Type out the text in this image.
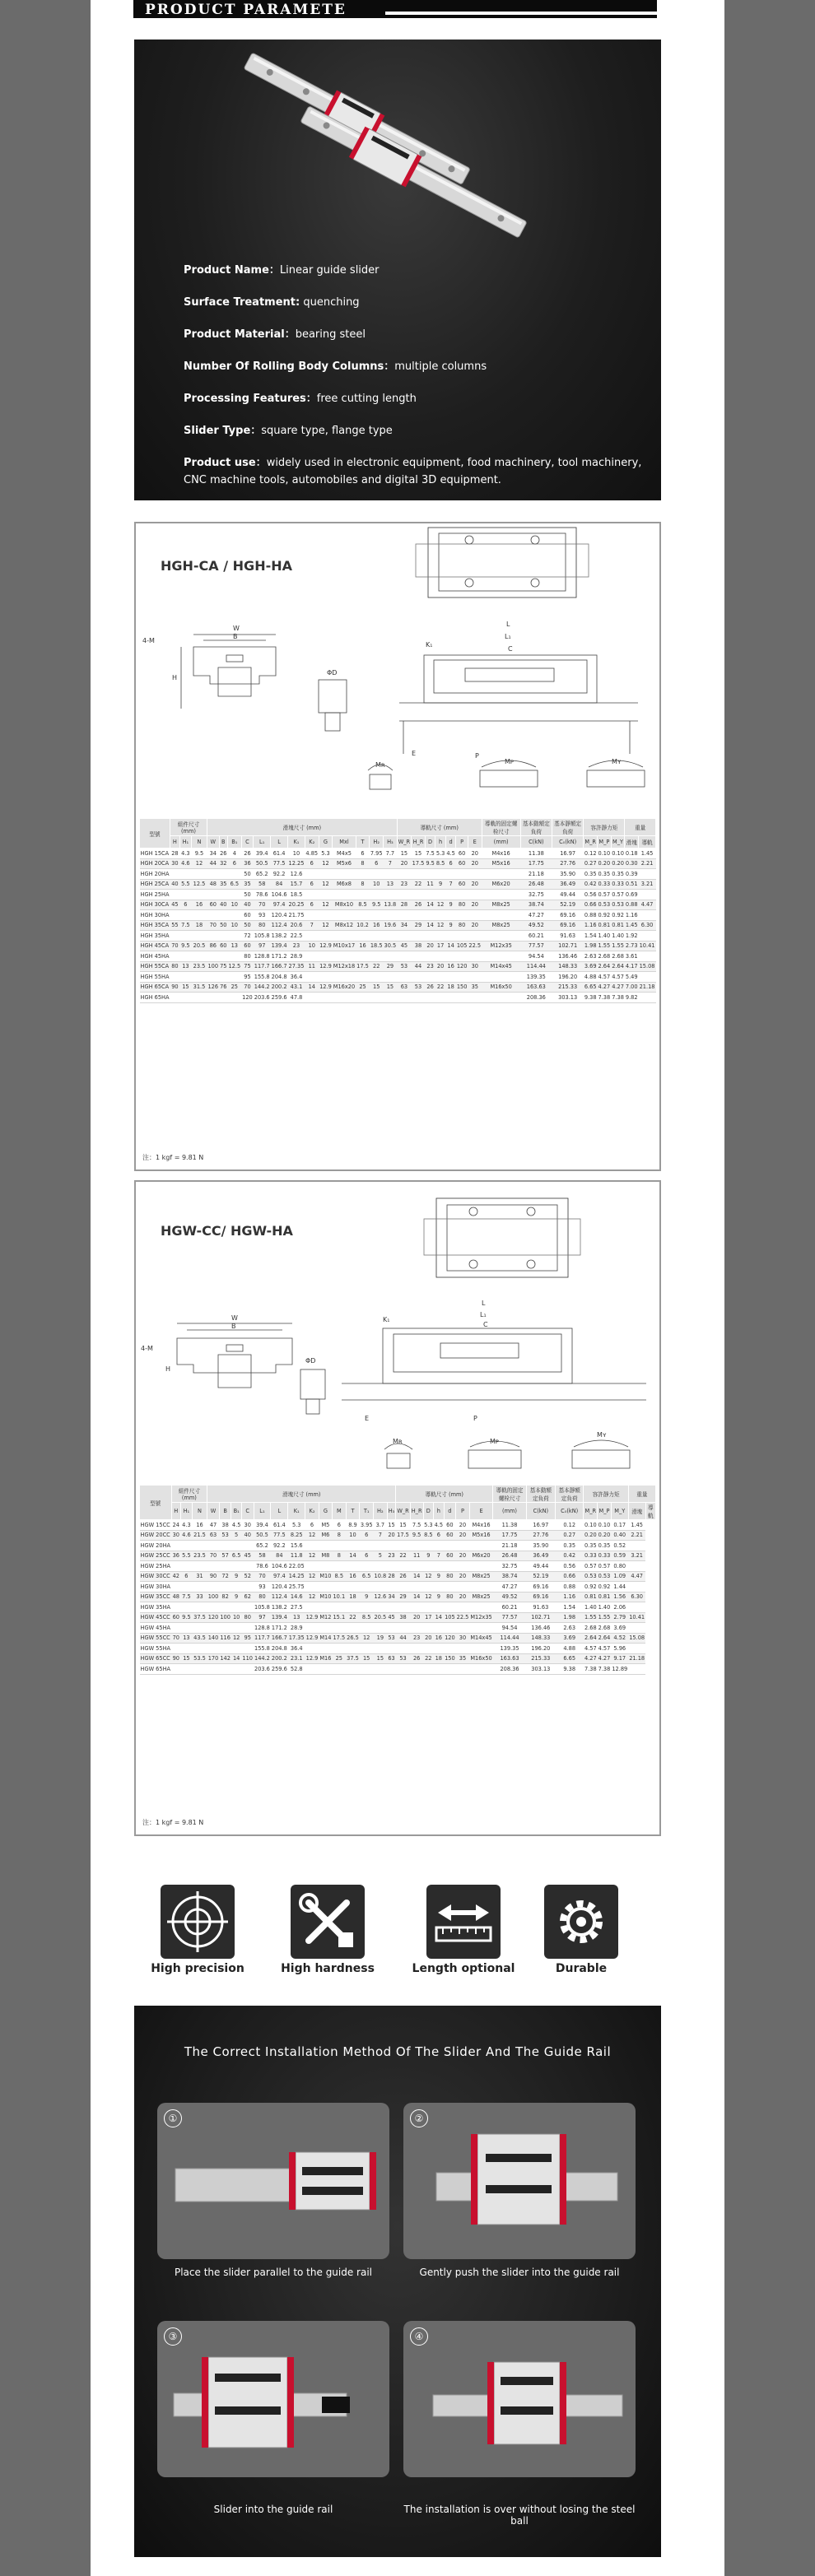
PRODUCT PARAMETE
Product Name：Linear guide slider
Surface Treatment: quenching
Product Material：bearing steel
Number Of Rolling Body Columns：multiple columns
Processing Features：free cutting length
Slider Type：square type, flange type
Product use：widely used in electronic equipment, food machinery, tool machinery, CNC machine tools, automobiles and digital 3D equipment.
HGH-CA / HGH-HA
L
L₁
C
K₁
P
E
W
B
H
4-M
ΦD
Mʀ	Mᴘ	Mʏ
型號	組件尺寸 (mm)			滑塊尺寸 (mm)													導軌尺寸 (mm)							導軌的固定螺栓尺寸	基本動額定負荷	基本靜額定負荷	容許靜力矩			重量	
	H	H₁	N	W	B	B₁	C	L₁	L	K₁	K₂	G	Mxl	T	H₂	H₃	W_R	H_R	D	h	d	P	E	(mm)	C(kN)	C₀(kN)	M_R	M_P	M_Y	滑塊	導軌
HGH 15CA	28	4.3	9.5	34	26	4	26	39.4	61.4	10	4.85	5.3	M4x5	6	7.95	7.7	15	15	7.5	5.3	4.5	60	20	M4x16	11.38	16.97	0.12	0.10	0.10	0.18	1.45
HGH 20CA	30	4.6	12	44	32	6	36	50.5	77.5	12.25	6	12	M5x6	8	6	7	20	17.5	9.5	8.5	6	60	20	M5x16	17.75	27.76	0.27	0.20	0.20	0.30	2.21
HGH 20HA							50	65.2	92.2	12.6															21.18	35.90	0.35	0.35	0.35	0.39	
HGH 25CA	40	5.5	12.5	48	35	6.5	35	58	84	15.7	6	12	M6x8	8	10	13	23	22	11	9	7	60	20	M6x20	26.48	36.49	0.42	0.33	0.33	0.51	3.21
HGH 25HA							50	78.6	104.6	18.5															32.75	49.44	0.56	0.57	0.57	0.69	
HGH 30CA	45	6	16	60	40	10	40	70	97.4	20.25	6	12	M8x10	8.5	9.5	13.8	28	26	14	12	9	80	20	M8x25	38.74	52.19	0.66	0.53	0.53	0.88	4.47
HGH 30HA							60	93	120.4	21.75															47.27	69.16	0.88	0.92	0.92	1.16	
HGH 35CA	55	7.5	18	70	50	10	50	80	112.4	20.6	7	12	M8x12	10.2	16	19.6	34	29	14	12	9	80	20	M8x25	49.52	69.16	1.16	0.81	0.81	1.45	6.30
HGH 35HA							72	105.8	138.2	22.5															60.21	91.63	1.54	1.40	1.40	1.92	
HGH 45CA	70	9.5	20.5	86	60	13	60	97	139.4	23	10	12.9	M10x17	16	18.5	30.5	45	38	20	17	14	105	22.5	M12x35	77.57	102.71	1.98	1.55	1.55	2.73	10.41
HGH 45HA							80	128.8	171.2	28.9															94.54	136.46	2.63	2.68	2.68	3.61	
HGH 55CA	80	13	23.5	100	75	12.5	75	117.7	166.7	27.35	11	12.9	M12x18	17.5	22	29	53	44	23	20	16	120	30	M14x45	114.44	148.33	3.69	2.64	2.64	4.17	15.08
HGH 55HA							95	155.8	204.8	36.4															139.35	196.20	4.88	4.57	4.57	5.49	
HGH 65CA	90	15	31.5	126	76	25	70	144.2	200.2	43.1	14	12.9	M16x20	25	15	15	63	53	26	22	18	150	35	M16x50	163.63	215.33	6.65	4.27	4.27	7.00	21.18
HGH 65HA							120	203.6	259.6	47.8															208.36	303.13	9.38	7.38	7.38	9.82	
注：1 kgf = 9.81 N
HGW-CC/ HGW-HA
L
L₁
C
K₁
P
E
W
B
H
4-M
ΦD
Mʀ	Mᴘ
Mʏ
型號	組件尺寸 (mm)			滑塊尺寸 (mm)														導軌尺寸 (mm)							導軌的固定螺栓尺寸	基本動額定負荷	基本靜額定負荷	容許靜力矩			重量	
	H	H₁	N	W	B	B₁	C	L₁	L	K₁	K₂	G	M	T	T₁	H₂	H₃	W_R	H_R	D	h	d	P	E	(mm)	C(kN)	C₀(kN)	M_R	M_P	M_Y	滑塊	導軌
HGW 15CC	24	4.3	16	47	38	4.5	30	39.4	61.4	5.3	6	M5	6	8.9	3.95	3.7	15	15	7.5	5.3	4.5	60	20	M4x16	11.38	16.97	0.12	0.10	0.10	0.17	1.45	
HGW 20CC	30	4.6	21.5	63	53	5	40	50.5	77.5	8.25	12	M6	8	10	6	7	20	17.5	9.5	8.5	6	60	20	M5x16	17.75	27.76	0.27	0.20	0.20	0.40	2.21	
HGW 20HA								65.2	92.2	15.6															21.18	35.90	0.35	0.35	0.35	0.52		
HGW 25CC	36	5.5	23.5	70	57	6.5	45	58	84	11.8	12	M8	8	14	6	5	23	22	11	9	7	60	20	M6x20	26.48	36.49	0.42	0.33	0.33	0.59	3.21	
HGW 25HA								78.6	104.6	22.05															32.75	49.44	0.56	0.57	0.57	0.80		
HGW 30CC	42	6	31	90	72	9	52	70	97.4	14.25	12	M10	8.5	16	6.5	10.8	28	26	14	12	9	80	20	M8x25	38.74	52.19	0.66	0.53	0.53	1.09	4.47	
HGW 30HA								93	120.4	25.75															47.27	69.16	0.88	0.92	0.92	1.44		
HGW 35CC	48	7.5	33	100	82	9	62	80	112.4	14.6	12	M10	10.1	18	9	12.6	34	29	14	12	9	80	20	M8x25	49.52	69.16	1.16	0.81	0.81	1.56	6.30	
HGW 35HA								105.8	138.2	27.5															60.21	91.63	1.54	1.40	1.40	2.06		
HGW 45CC	60	9.5	37.5	120	100	10	80	97	139.4	13	12.9	M12	15.1	22	8.5	20.5	45	38	20	17	14	105	22.5	M12x35	77.57	102.71	1.98	1.55	1.55	2.79	10.41	
HGW 45HA								128.8	171.2	28.9															94.54	136.46	2.63	2.68	2.68	3.69		
HGW 55CC	70	13	43.5	140	116	12	95	117.7	166.7	17.35	12.9	M14	17.5	26.5	12	19	53	44	23	20	16	120	30	M14x45	114.44	148.33	3.69	2.64	2.64	4.52	15.08	
HGW 55HA								155.8	204.8	36.4															139.35	196.20	4.88	4.57	4.57	5.96		
HGW 65CC	90	15	53.5	170	142	14	110	144.2	200.2	23.1	12.9	M16	25	37.5	15	15	63	53	26	22	18	150	35	M16x50	163.63	215.33	6.65	4.27	4.27	9.17	21.18	
HGW 65HA								203.6	259.6	52.8															208.36	303.13	9.38	7.38	7.38	12.89		
注：1 kgf = 9.81 N
High precision	High hardness	Length optional	Durable
The Correct Installation Method Of The Slider And The Guide Rail
①
Place the slider parallel to the guide rail
②
Gently push the slider into the guide rail
③
Slider into the guide rail
④
The installation is over without losing the steel ball
